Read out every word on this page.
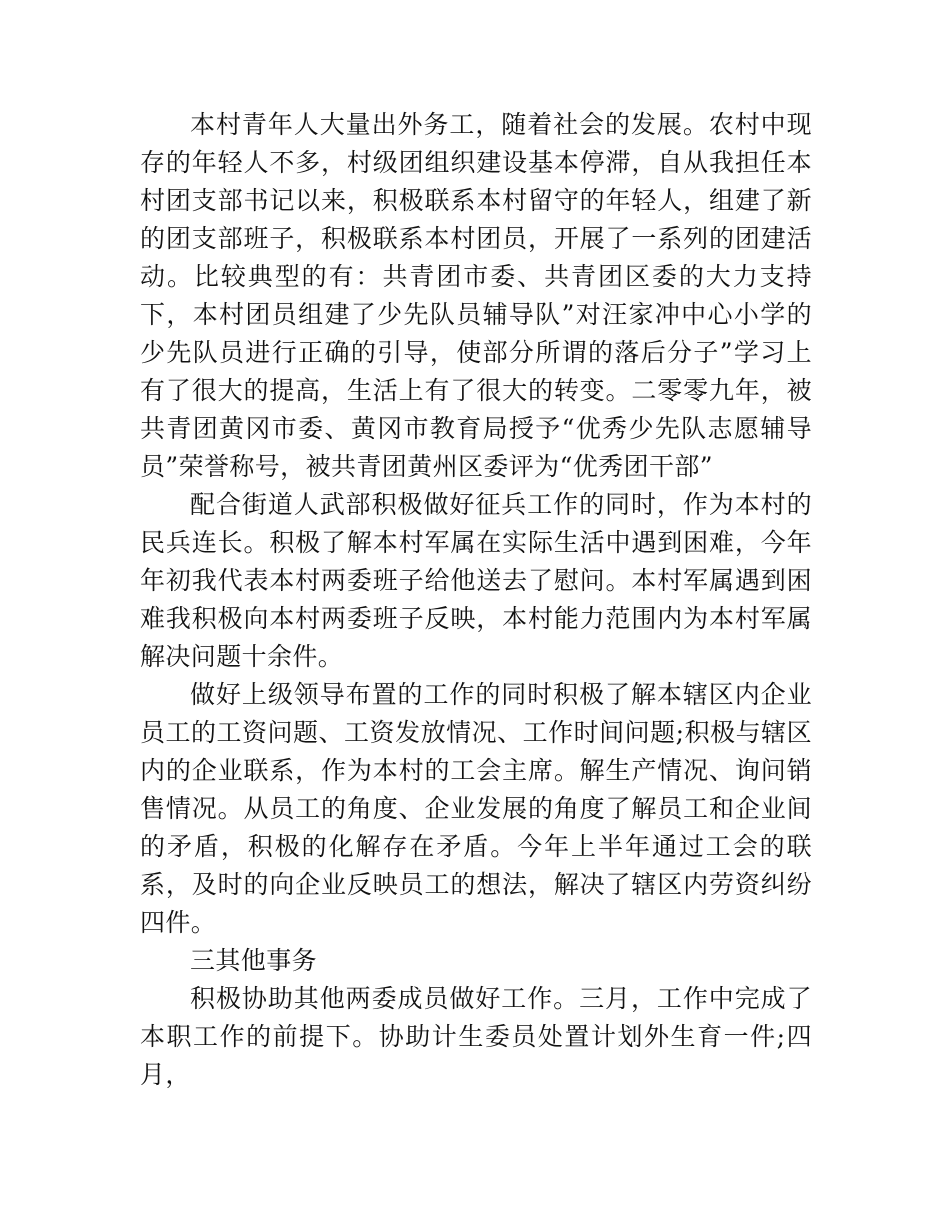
本村青年人大量出外务工，随着社会的发展。农村中现存的年轻人不多，村级团组织建设基本停滞，自从我担任本村团支部书记以来，积极联系本村留守的年轻人，组建了新的团支部班子，积极联系本村团员，开展了一系列的团建活动。比较典型的有：共青团市委、共青团区委的大力支持下，本村团员组建了少先队员辅导队”对汪家冲中心小学的少先队员进行正确的引导，使部分所谓的落后分子”学习上有了很大的提高，生活上有了很大的转变。二零零九年，被共青团黄冈市委、黄冈市教育局授予“优秀少先队志愿辅导员”荣誉称号，被共青团黄州区委评为“优秀团干部”

配合街道人武部积极做好征兵工作的同时，作为本村的民兵连长。积极了解本村军属在实际生活中遇到困难，今年年初我代表本村两委班子给他送去了慰问。本村军属遇到困难我积极向本村两委班子反映，本村能力范围内为本村军属解决问题十余件。

做好上级领导布置的工作的同时积极了解本辖区内企业员工的工资问题、工资发放情况、工作时间问题;积极与辖区内的企业联系，作为本村的工会主席。解生产情况、询问销售情况。从员工的角度、企业发展的角度了解员工和企业间的矛盾，积极的化解存在矛盾。今年上半年通过工会的联系，及时的向企业反映员工的想法，解决了辖区内劳资纠纷四件。

三其他事务

积极协助其他两委成员做好工作。三月，工作中完成了本职工作的前提下。协助计生委员处置计划外生育一件;四月，
